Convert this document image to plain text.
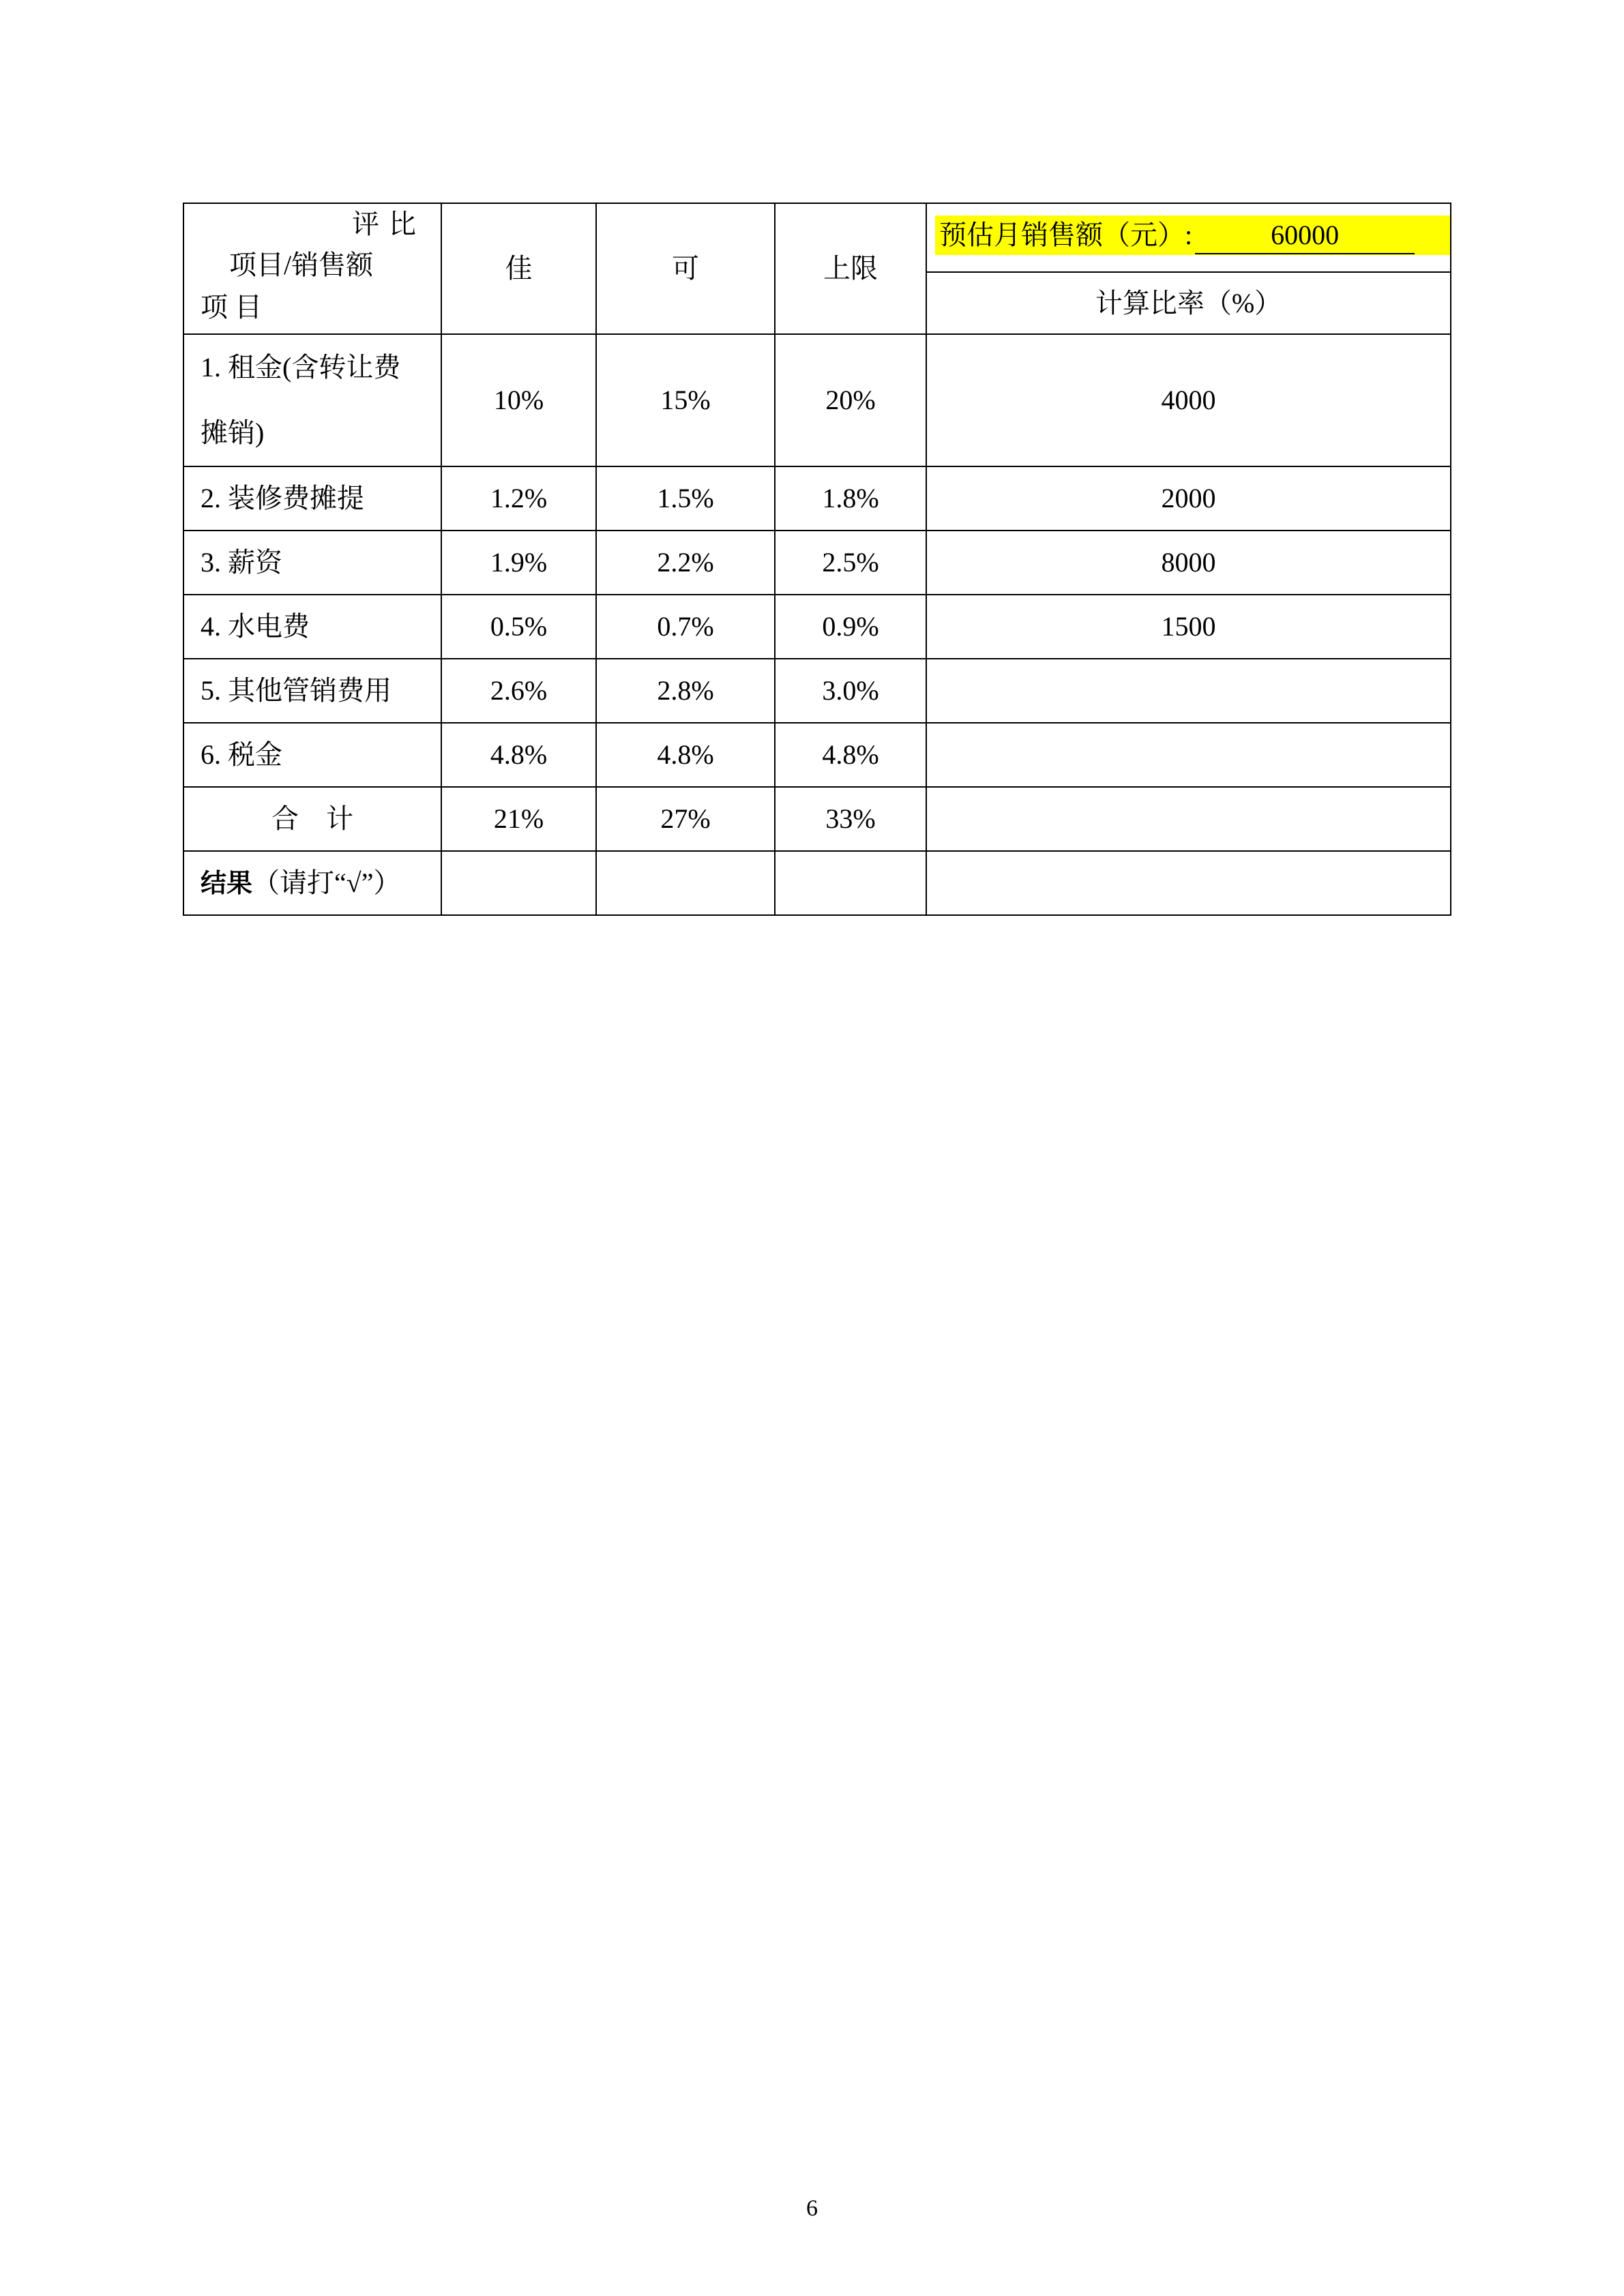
评比
项目/销售额
项目	佳	可	上限	预估月销售额（元）: 60000

				计算比率（%）

1. 租金(含转让费
摊销)	10%	15%	20%	4000
2. 装修费摊提	1.2%	1.5%	1.8%	2000
3. 薪资	1.9%	2.2%	2.5%	8000
4. 水电费	0.5%	0.7%	0.9%	1500
5. 其他管销费用	2.6%	2.8%	3.0%	
6. 税金	4.8%	4.8%	4.8%	
合计	21%	27%	33%	
结果（请打“√”）				
6
